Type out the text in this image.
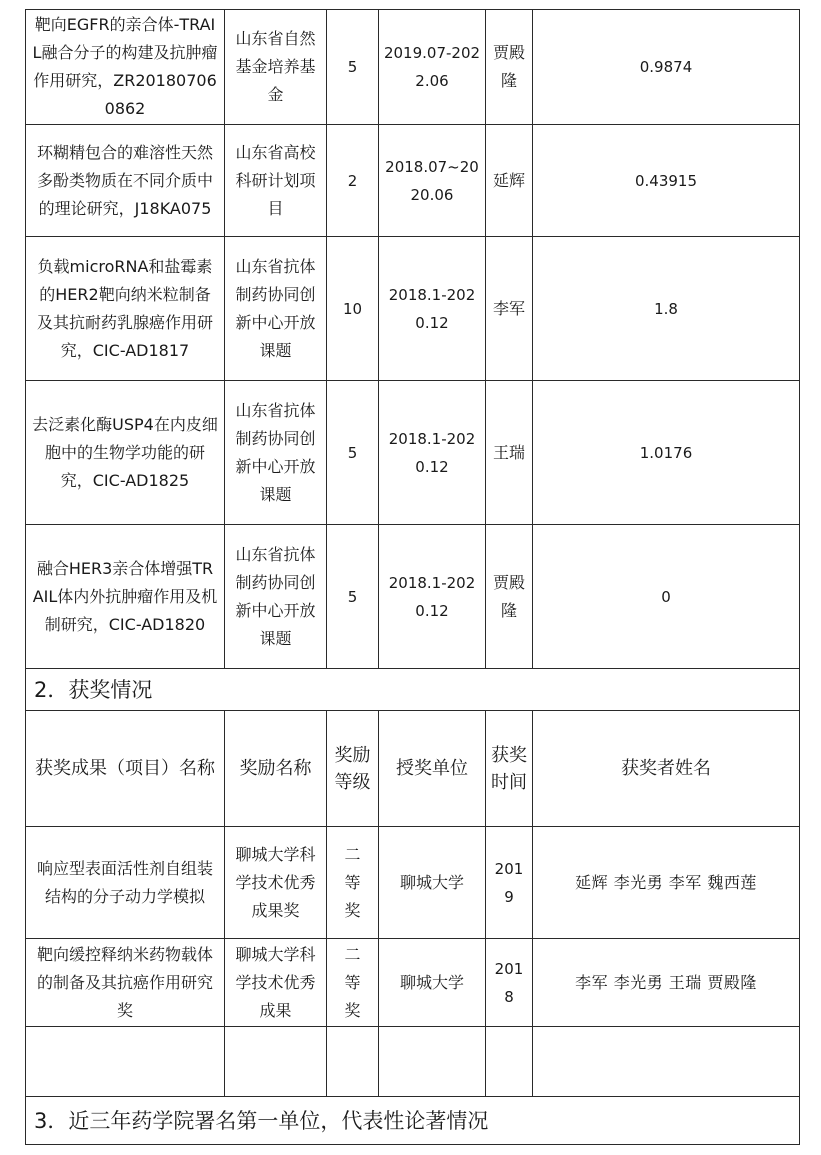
靶向EGFR的亲合体-TRAIL融合分子的构建及抗肿瘤作用研究，ZR201807060862	山东省自然基金培养基金	5	2019.07-2022.06	贾殿隆	0.9874
环糊精包合的难溶性天然多酚类物质在不同介质中的理论研究，J18KA075	山东省高校科研计划项目	2	2018.07~2020.06	延辉	0.43915
负载microRNA和盐霉素的HER2靶向纳米粒制备及其抗耐药乳腺癌作用研究，CIC-AD1817	山东省抗体制药协同创新中心开放课题	10	2018.1-2020.12	李军	1.8
去泛素化酶USP4在内皮细胞中的生物学功能的研究，CIC-AD1825	山东省抗体制药协同创新中心开放课题	5	2018.1-2020.12	王瑞	1.0176
融合HER3亲合体增强TRAIL体内外抗肿瘤作用及机制研究，CIC-AD1820	山东省抗体制药协同创新中心开放课题	5	2018.1-2020.12	贾殿隆	0
2．获奖情况					
获奖成果（项目）名称	奖励名称	奖励等级	授奖单位	获奖时间	获奖者姓名
响应型表面活性剂自组装结构的分子动力学模拟	聊城大学科学技术优秀成果奖	二等奖	聊城大学	2019	延辉 李光勇 李军 魏西莲
靶向缓控释纳米药物载体的制备及其抗癌作用研究奖	聊城大学科学技术优秀成果	二等奖	聊城大学	2018	李军 李光勇 王瑞 贾殿隆

3．近三年药学院署名第一单位，代表性论著情况					
